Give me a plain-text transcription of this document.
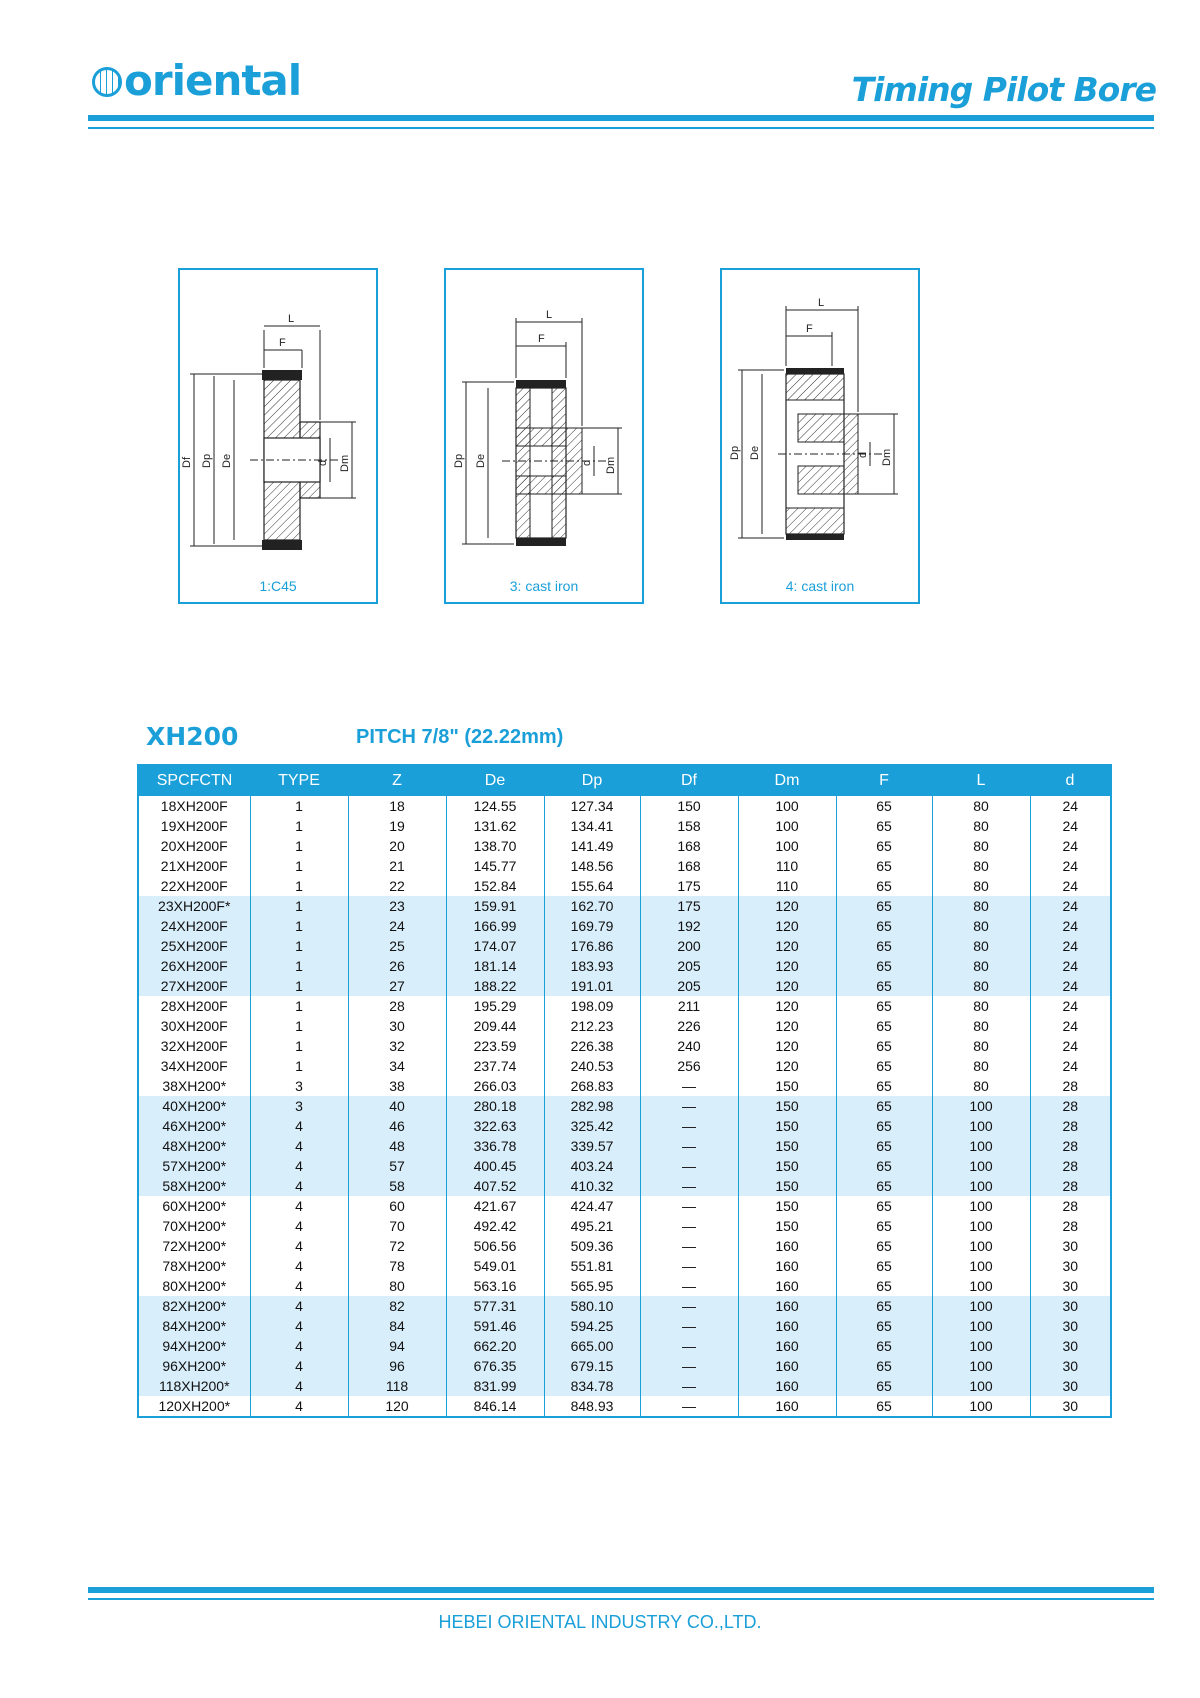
oriental	Timing Pilot Bore
L
F
Df Dp De	d Dm
1:C45
L
F
Dp De	d Dm
3: cast iron
L
F
Dp De	d Dm
4: cast iron
XH200	PITCH 7/8" (22.22mm)
SPCFCTN	TYPE	Z	De	Dp	Df	Dm	F	L	d
18XH200F	1	18	124.55	127.34	150	100	65	80	24
19XH200F	1	19	131.62	134.41	158	100	65	80	24
20XH200F	1	20	138.70	141.49	168	100	65	80	24
21XH200F	1	21	145.77	148.56	168	110	65	80	24
22XH200F	1	22	152.84	155.64	175	110	65	80	24
23XH200F*	1	23	159.91	162.70	175	120	65	80	24
24XH200F	1	24	166.99	169.79	192	120	65	80	24
25XH200F	1	25	174.07	176.86	200	120	65	80	24
26XH200F	1	26	181.14	183.93	205	120	65	80	24
27XH200F	1	27	188.22	191.01	205	120	65	80	24
28XH200F	1	28	195.29	198.09	211	120	65	80	24
30XH200F	1	30	209.44	212.23	226	120	65	80	24
32XH200F	1	32	223.59	226.38	240	120	65	80	24
34XH200F	1	34	237.74	240.53	256	120	65	80	24
38XH200*	3	38	266.03	268.83	—	150	65	80	28
40XH200*	3	40	280.18	282.98	—	150	65	100	28
46XH200*	4	46	322.63	325.42	—	150	65	100	28
48XH200*	4	48	336.78	339.57	—	150	65	100	28
57XH200*	4	57	400.45	403.24	—	150	65	100	28
58XH200*	4	58	407.52	410.32	—	150	65	100	28
60XH200*	4	60	421.67	424.47	—	150	65	100	28
70XH200*	4	70	492.42	495.21	—	150	65	100	28
72XH200*	4	72	506.56	509.36	—	160	65	100	30
78XH200*	4	78	549.01	551.81	—	160	65	100	30
80XH200*	4	80	563.16	565.95	—	160	65	100	30
82XH200*	4	82	577.31	580.10	—	160	65	100	30
84XH200*	4	84	591.46	594.25	—	160	65	100	30
94XH200*	4	94	662.20	665.00	—	160	65	100	30
96XH200*	4	96	676.35	679.15	—	160	65	100	30
118XH200*	4	118	831.99	834.78	—	160	65	100	30
120XH200*	4	120	846.14	848.93	—	160	65	100	30
HEBEI ORIENTAL INDUSTRY CO.,LTD.
